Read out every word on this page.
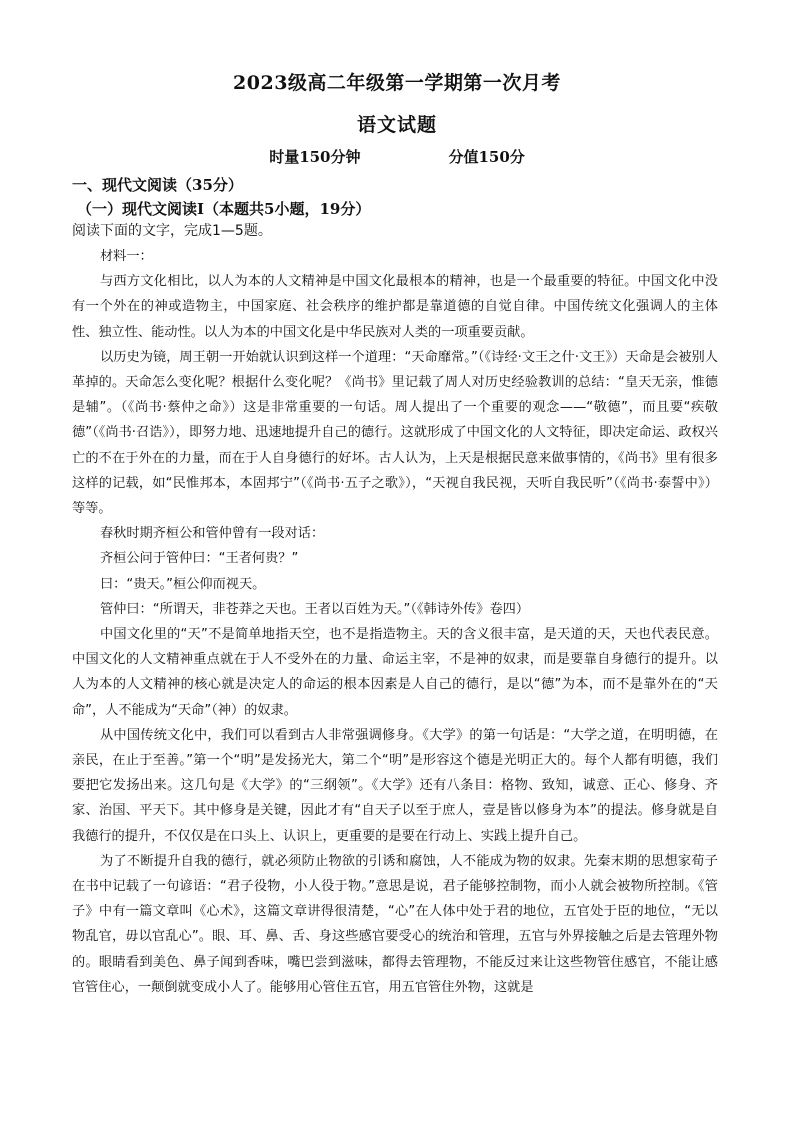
2023级高二年级第一学期第一次月考
语文试题
时量150分钟	分值150分
一、现代文阅读（35分）
（一）现代文阅读Ⅰ（本题共5小题，19分）
阅读下面的文字，完成1—5题。

材料一：

与西方文化相比，以人为本的人文精神是中国文化最根本的精神，也是一个最重要的特征。中国文化中没有一个外在的神或造物主，中国家庭、社会秩序的维护都是靠道德的自觉自律。中国传统文化强调人的主体性、独立性、能动性。以人为本的中国文化是中华民族对人类的一项重要贡献。

以历史为镜，周王朝一开始就认识到这样一个道理：“天命靡常。”（《诗经·文王之什·文王》）天命是会被别人革掉的。天命怎么变化呢？根据什么变化呢？《尚书》里记载了周人对历史经验教训的总结：“皇天无亲，惟德是辅”。（《尚书·蔡仲之命》）这是非常重要的一句话。周人提出了一个重要的观念——“敬德”，而且要“疾敬德”（《尚书·召诰》），即努力地、迅速地提升自己的德行。这就形成了中国文化的人文特征，即决定命运、政权兴亡的不在于外在的力量，而在于人自身德行的好坏。古人认为，上天是根据民意来做事情的，《尚书》里有很多这样的记载，如“民惟邦本，本固邦宁”（《尚书·五子之歌》），“天视自我民视，天听自我民听”（《尚书·泰誓中》）等等。

春秋时期齐桓公和管仲曾有一段对话：

齐桓公问于管仲曰：“王者何贵？”

曰：“贵天。”桓公仰而视天。

管仲曰：“所谓天，非苍莽之天也。王者以百姓为天。”（《韩诗外传》卷四）

中国文化里的“天”不是简单地指天空，也不是指造物主。天的含义很丰富，是天道的天，天也代表民意。中国文化的人文精神重点就在于人不受外在的力量、命运主宰，不是神的奴隶，而是要靠自身德行的提升。以人为本的人文精神的核心就是决定人的命运的根本因素是人自己的德行，是以“德”为本，而不是靠外在的“天命”，人不能成为“天命”（神）的奴隶。

从中国传统文化中，我们可以看到古人非常强调修身。《大学》的第一句话是：“大学之道，在明明德，在亲民，在止于至善。”第一个“明”是发扬光大，第二个“明”是形容这个德是光明正大的。每个人都有明德，我们要把它发扬出来。这几句是《大学》的“三纲领”。《大学》还有八条目：格物、致知，诚意、正心、修身、齐家、治国、平天下。其中修身是关键，因此才有“自天子以至于庶人，壹是皆以修身为本”的提法。修身就是自我德行的提升，不仅仅是在口头上、认识上，更重要的是要在行动上、实践上提升自己。

为了不断提升自我的德行，就必须防止物欲的引诱和腐蚀，人不能成为物的奴隶。先秦末期的思想家荀子在书中记载了一句谚语：“君子役物，小人役于物。”意思是说，君子能够控制物，而小人就会被物所控制。《管子》中有一篇文章叫《心术》，这篇文章讲得很清楚，“心”在人体中处于君的地位，五官处于臣的地位，“无以物乱官，毋以官乱心”。眼、耳、鼻、舌、身这些感官要受心的统治和管理，五官与外界接触之后是去管理外物的。眼睛看到美色、鼻子闻到香味，嘴巴尝到滋味，都得去管理物，不能反过来让这些物管住感官，不能让感官管住心，一颠倒就变成小人了。能够用心管住五官，用五官管住外物，这就是
